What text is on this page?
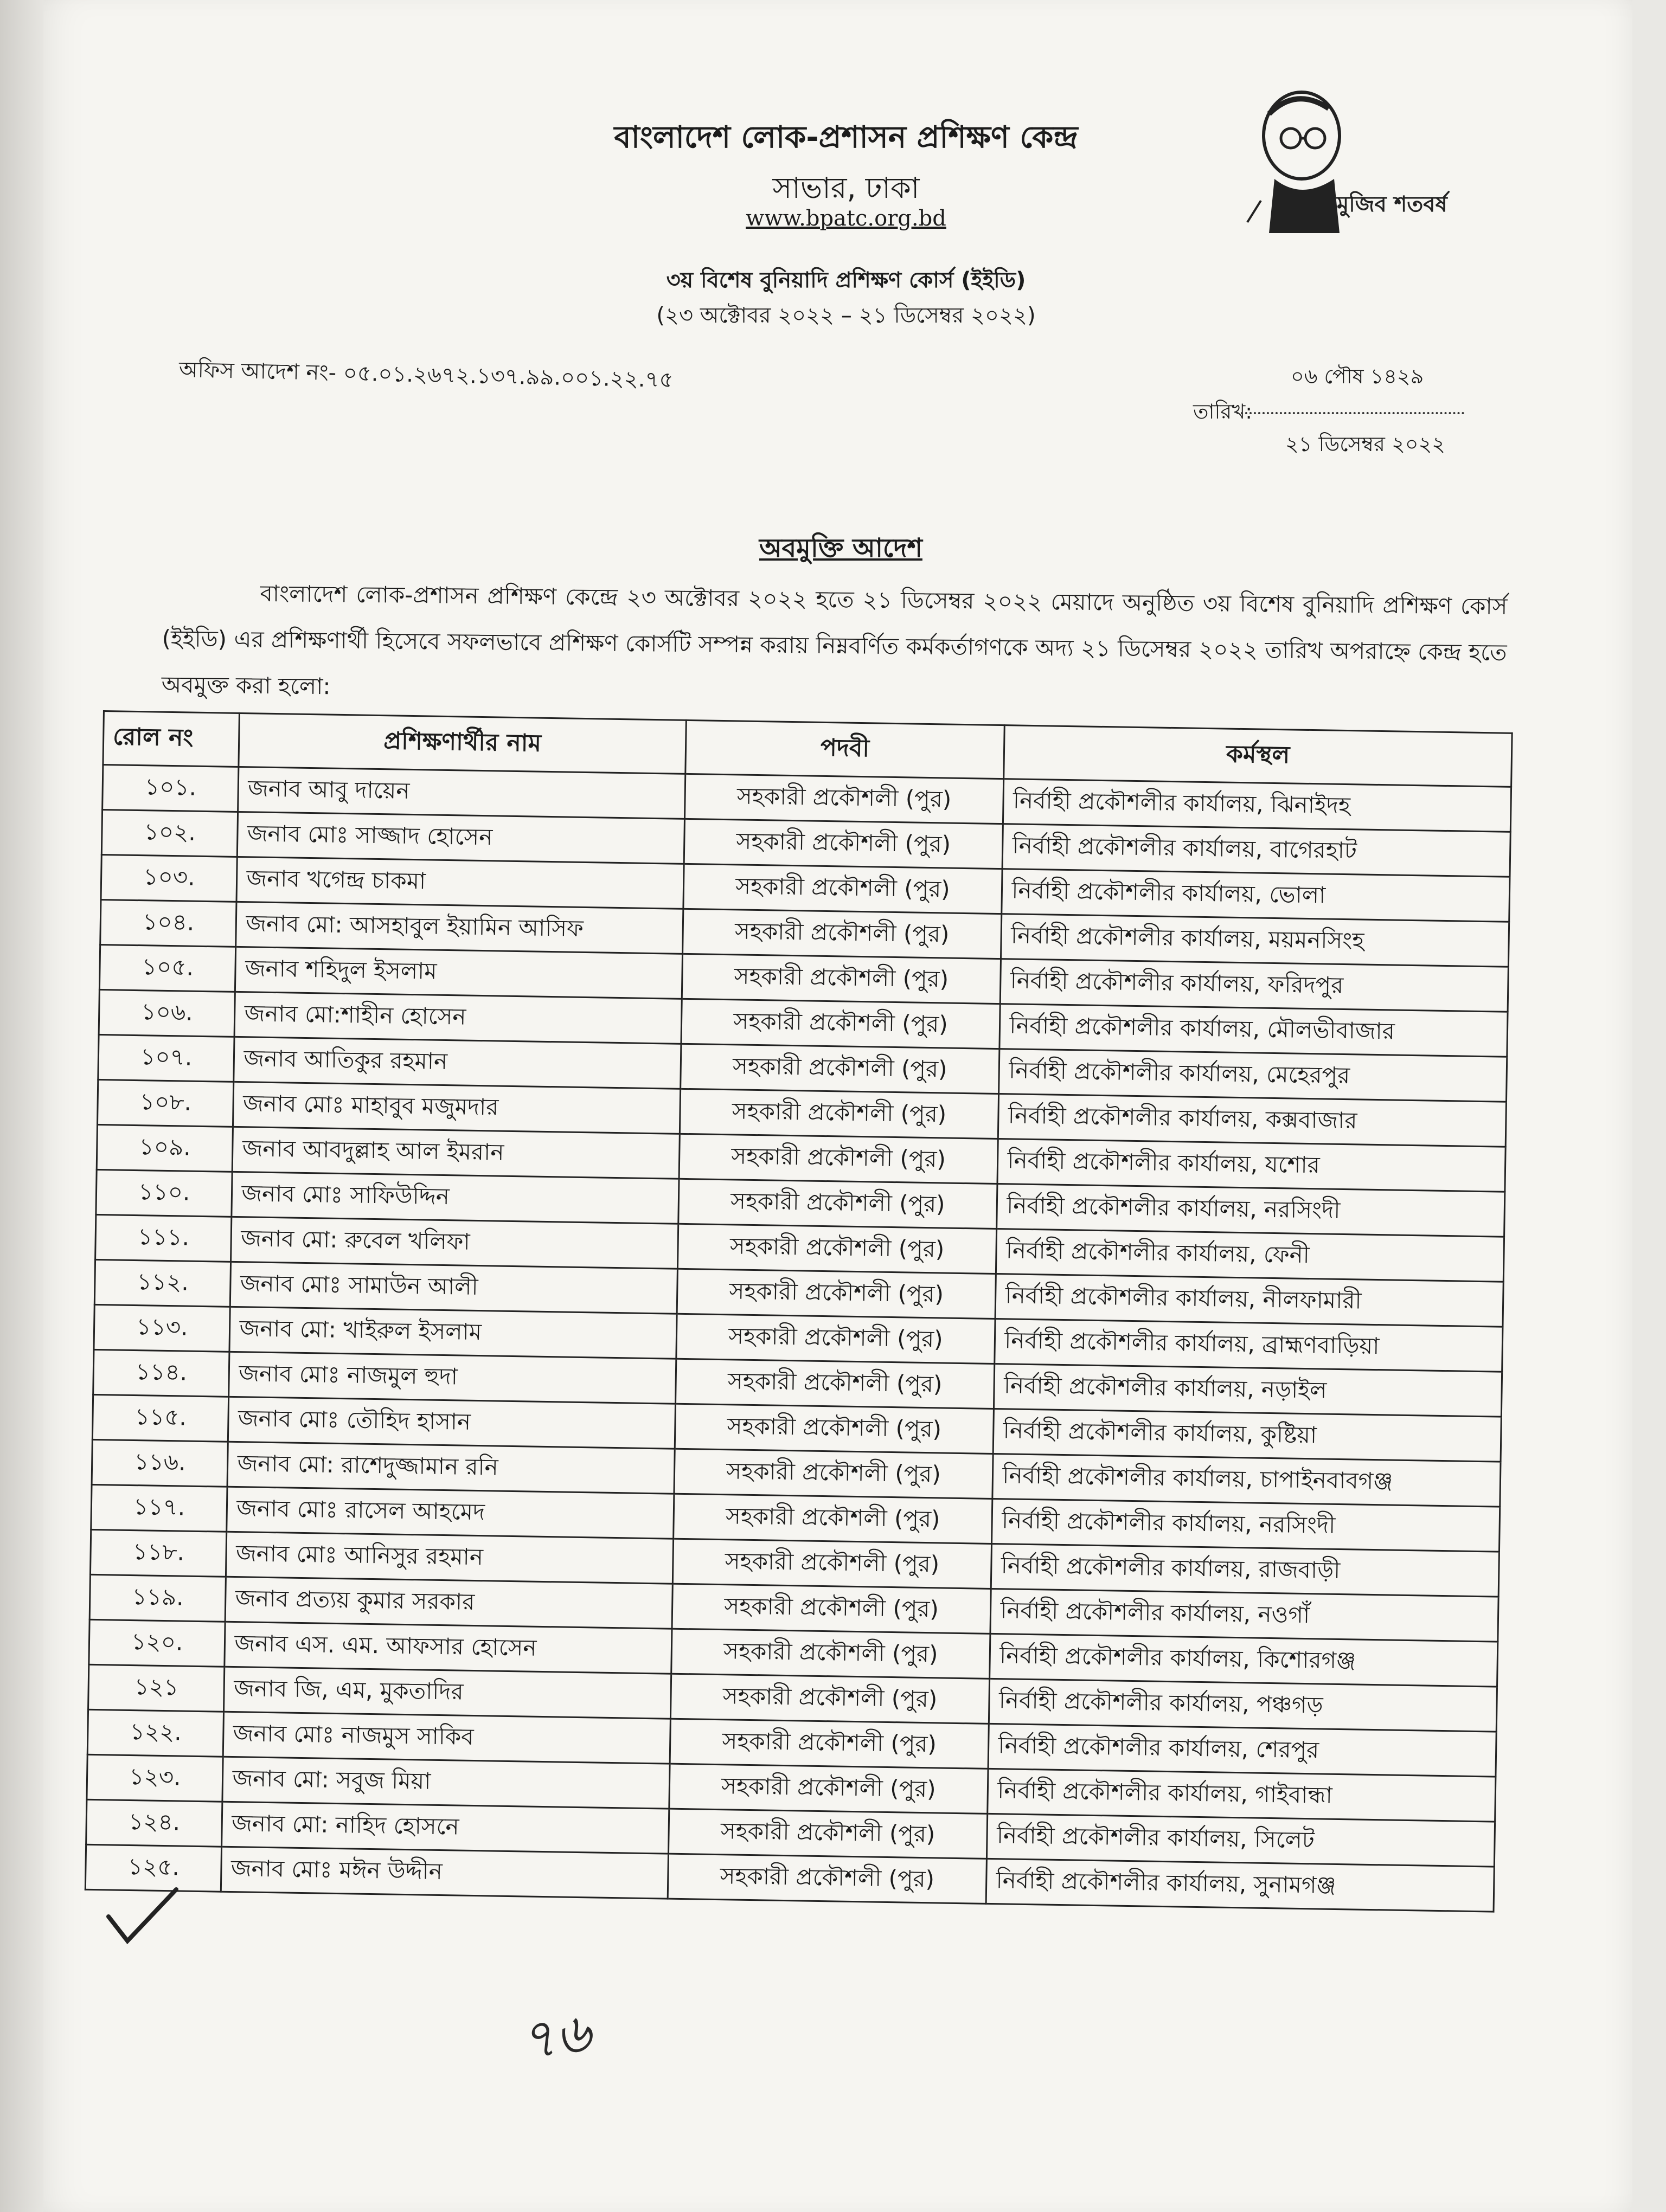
মুজিব শতবর্ষ
বাংলাদেশ লোক-প্রশাসন প্রশিক্ষণ কেন্দ্র
সাভার, ঢাকা
www.bpatc.org.bd
৩য় বিশেষ বুনিয়াদি প্রশিক্ষণ কোর্স (ইইডি)
(২৩ অক্টোবর ২০২২ – ২১ ডিসেম্বর ২০২২)
অফিস আদেশ নং- ০৫.০১.২৬৭২.১৩৭.৯৯.০০১.২২.৭৫	০৬ পৌষ ১৪২৯
তারিখ:
২১ ডিসেম্বর ২০২২
অবমুক্তি আদেশ
বাংলাদেশ লোক-প্রশাসন প্রশিক্ষণ কেন্দ্রে ২৩ অক্টোবর ২০২২ হতে ২১ ডিসেম্বর ২০২২ মেয়াদে অনুষ্ঠিত ৩য় বিশেষ বুনিয়াদি প্রশিক্ষণ কোর্স (ইইডি) এর প্রশিক্ষণার্থী হিসেবে সফলভাবে প্রশিক্ষণ কোর্সটি সম্পন্ন করায় নিম্নবর্ণিত কর্মকর্তাগণকে অদ্য ২১ ডিসেম্বর ২০২২ তারিখ অপরাহ্নে কেন্দ্র হতে অবমুক্ত করা হলো:
রোল নং	প্রশিক্ষণার্থীর নাম	পদবী	কর্মস্থল
১০১.	জনাব আবু দায়েন	সহকারী প্রকৌশলী (পুর)	নির্বাহী প্রকৌশলীর কার্যালয়, ঝিনাইদহ
১০২.	জনাব মোঃ সাজ্জাদ হোসেন	সহকারী প্রকৌশলী (পুর)	নির্বাহী প্রকৌশলীর কার্যালয়, বাগেরহাট
১০৩.	জনাব খগেন্দ্র চাকমা	সহকারী প্রকৌশলী (পুর)	নির্বাহী প্রকৌশলীর কার্যালয়, ভোলা
১০৪.	জনাব মো: আসহাবুল ইয়ামিন আসিফ	সহকারী প্রকৌশলী (পুর)	নির্বাহী প্রকৌশলীর কার্যালয়, ময়মনসিংহ
১০৫.	জনাব শহিদুল ইসলাম	সহকারী প্রকৌশলী (পুর)	নির্বাহী প্রকৌশলীর কার্যালয়, ফরিদপুর
১০৬.	জনাব মো:শাহীন হোসেন	সহকারী প্রকৌশলী (পুর)	নির্বাহী প্রকৌশলীর কার্যালয়, মৌলভীবাজার
১০৭.	জনাব আতিকুর রহমান	সহকারী প্রকৌশলী (পুর)	নির্বাহী প্রকৌশলীর কার্যালয়, মেহেরপুর
১০৮.	জনাব মোঃ মাহাবুব মজুমদার	সহকারী প্রকৌশলী (পুর)	নির্বাহী প্রকৌশলীর কার্যালয়, কক্সবাজার
১০৯.	জনাব আবদুল্লাহ আল ইমরান	সহকারী প্রকৌশলী (পুর)	নির্বাহী প্রকৌশলীর কার্যালয়, যশোর
১১০.	জনাব মোঃ সাফিউদ্দিন	সহকারী প্রকৌশলী (পুর)	নির্বাহী প্রকৌশলীর কার্যালয়, নরসিংদী
১১১.	জনাব মো: রুবেল খলিফা	সহকারী প্রকৌশলী (পুর)	নির্বাহী প্রকৌশলীর কার্যালয়, ফেনী
১১২.	জনাব মোঃ সামাউন আলী	সহকারী প্রকৌশলী (পুর)	নির্বাহী প্রকৌশলীর কার্যালয়, নীলফামারী
১১৩.	জনাব মো: খাইরুল ইসলাম	সহকারী প্রকৌশলী (পুর)	নির্বাহী প্রকৌশলীর কার্যালয়, ব্রাহ্মণবাড়িয়া
১১৪.	জনাব মোঃ নাজমুল হুদা	সহকারী প্রকৌশলী (পুর)	নির্বাহী প্রকৌশলীর কার্যালয়, নড়াইল
১১৫.	জনাব মোঃ তৌহিদ হাসান	সহকারী প্রকৌশলী (পুর)	নির্বাহী প্রকৌশলীর কার্যালয়, কুষ্টিয়া
১১৬.	জনাব মো: রাশেদুজ্জামান রনি	সহকারী প্রকৌশলী (পুর)	নির্বাহী প্রকৌশলীর কার্যালয়, চাপাইনবাবগঞ্জ
১১৭.	জনাব মোঃ রাসেল আহমেদ	সহকারী প্রকৌশলী (পুর)	নির্বাহী প্রকৌশলীর কার্যালয়, নরসিংদী
১১৮.	জনাব মোঃ আনিসুর রহমান	সহকারী প্রকৌশলী (পুর)	নির্বাহী প্রকৌশলীর কার্যালয়, রাজবাড়ী
১১৯.	জনাব প্রত্যয় কুমার সরকার	সহকারী প্রকৌশলী (পুর)	নির্বাহী প্রকৌশলীর কার্যালয়, নওগাঁ
১২০.	জনাব এস. এম. আফসার হোসেন	সহকারী প্রকৌশলী (পুর)	নির্বাহী প্রকৌশলীর কার্যালয়, কিশোরগঞ্জ
১২১	জনাব জি, এম, মুকতাদির	সহকারী প্রকৌশলী (পুর)	নির্বাহী প্রকৌশলীর কার্যালয়, পঞ্চগড়
১২২.	জনাব মোঃ নাজমুস সাকিব	সহকারী প্রকৌশলী (পুর)	নির্বাহী প্রকৌশলীর কার্যালয়, শেরপুর
১২৩.	জনাব মো: সবুজ মিয়া	সহকারী প্রকৌশলী (পুর)	নির্বাহী প্রকৌশলীর কার্যালয়, গাইবান্ধা
১২৪.	জনাব মো: নাহিদ হোসনে	সহকারী প্রকৌশলী (পুর)	নির্বাহী প্রকৌশলীর কার্যালয়, সিলেট
১২৫.	জনাব মোঃ মঈন উদ্দীন	সহকারী প্রকৌশলী (পুর)	নির্বাহী প্রকৌশলীর কার্যালয়, সুনামগঞ্জ
৭৬
